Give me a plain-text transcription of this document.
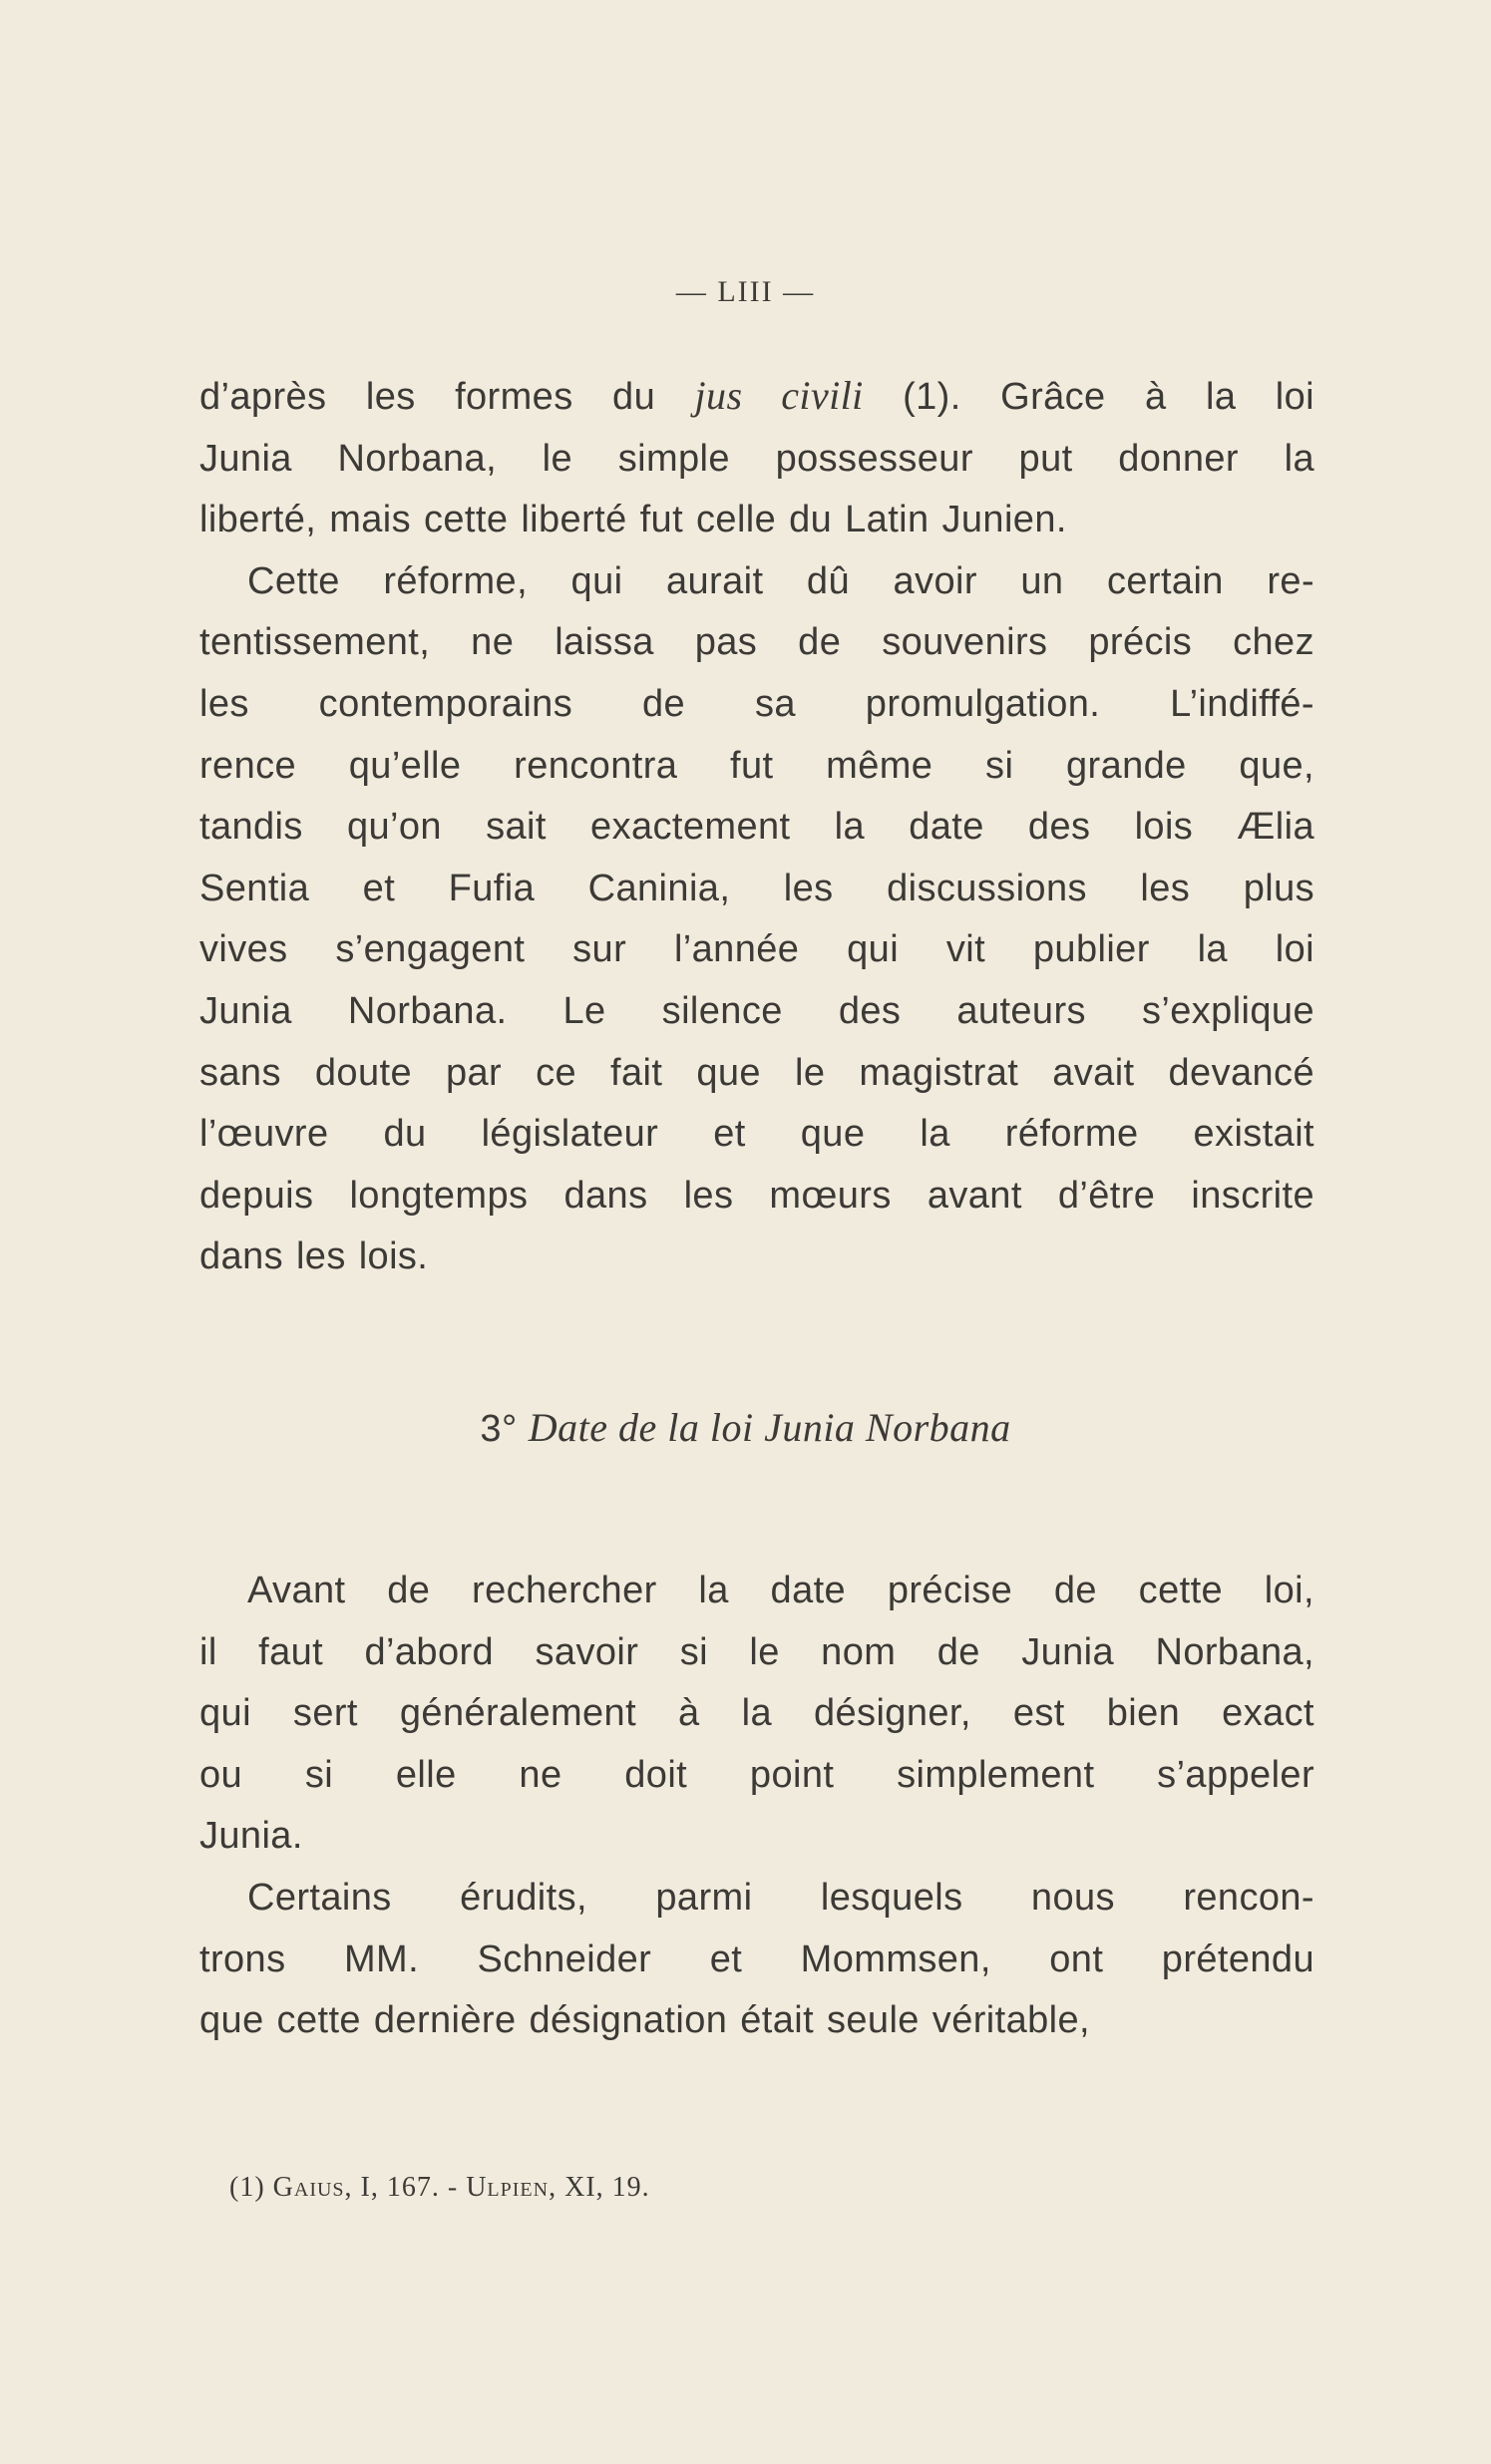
— LIII —

d’après les formes du jus civili (1). Grâce à la loi
Junia Norbana, le simple possesseur put donner la
liberté, mais cette liberté fut celle du Latin Junien.

Cette réforme, qui aurait dû avoir un certain re-
tentissement, ne laissa pas de souvenirs précis chez
les contemporains de sa promulgation. L’indiffé-
rence qu’elle rencontra fut même si grande que,
tandis qu’on sait exactement la date des lois Ælia
Sentia et Fufia Caninia, les discussions les plus
vives s’engagent sur l’année qui vit publier la loi
Junia Norbana. Le silence des auteurs s’explique
sans doute par ce fait que le magistrat avait devancé
l’œuvre du législateur et que la réforme existait
depuis longtemps dans les mœurs avant d’être inscrite
dans les lois.

3° Date de la loi Junia Norbana

Avant de rechercher la date précise de cette loi,
il faut d’abord savoir si le nom de Junia Norbana,
qui sert généralement à la désigner, est bien exact
ou si elle ne doit point simplement s’appeler
Junia.

Certains érudits, parmi lesquels nous rencon-
trons MM. Schneider et Mommsen, ont prétendu
que cette dernière désignation était seule véritable,

(1) Gaius, I, 167. - Ulpien, XI, 19.
